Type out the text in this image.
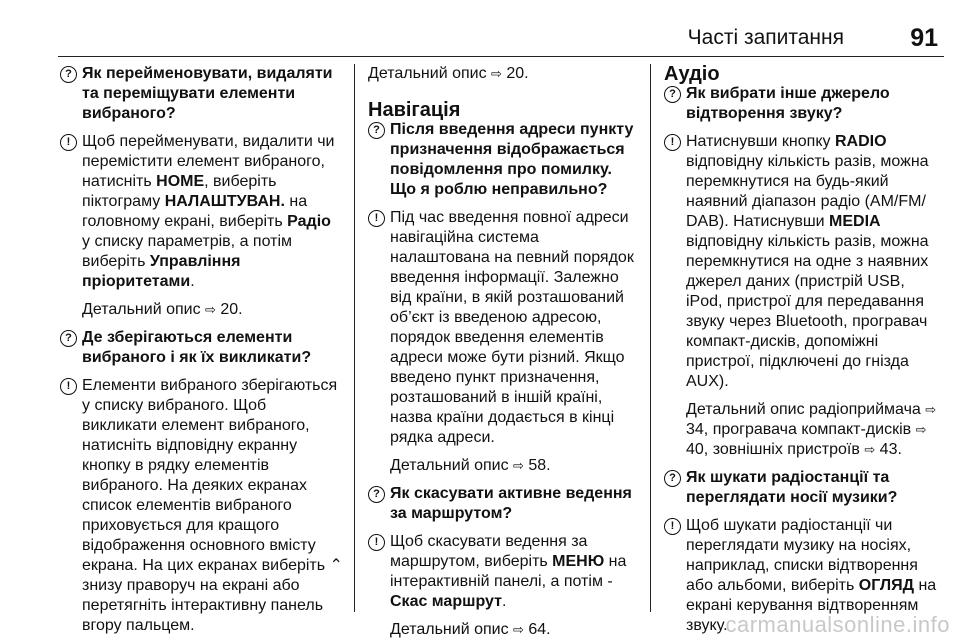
Часті запитання	91

? Як перейменовувати, видаляти та переміщувати елементи вибраного?

! Щоб перейменувати, видалити чи перемістити елемент вибраного, натисніть HOME, виберіть піктограму НАЛАШТУВАН. на головному екрані, виберіть Радіо у списку параметрів, а потім виберіть Управління пріоритетами.

Детальний опис ⇨ 20.

? Де зберігаються елементи вибраного і як їх викликати?

! Елементи вибраного зберігаються у списку вибраного. Щоб викликати елемент вибраного, натисніть відповідну екранну кнопку в рядку елементів вибраного. На деяких екранах список елементів вибраного приховується для кращого відображення основного вмісту екрана. На цих екранах виберіть ⌃ знизу праворуч на екрані або перетягніть інтерактивну панель вгору пальцем.

Детальний опис ⇨ 20.

Навігація

? Після введення адреси пункту призначення відображається повідомлення про помилку. Що я роблю неправильно?

! Під час введення повної адреси навігаційна система налаштована на певний порядок введення інформації. Залежно від країни, в якій розташований об’єкт із введеною адресою, порядок введення елементів адреси може бути різний. Якщо введено пункт призначення, розташований в іншій країні, назва країни додається в кінці рядка адреси.

Детальний опис ⇨ 58.

? Як скасувати активне ведення за маршрутом?

! Щоб скасувати ведення за маршрутом, виберіть МЕНЮ на інтерактивній панелі, а потім - Скас маршрут.

Детальний опис ⇨ 64.

Аудіо

? Як вибрати інше джерело відтворення звуку?

! Натиснувши кнопку RADIO відповідну кількість разів, можна перемкнутися на будь-який наявний діапазон радіо (AM/FM/ DAB). Натиснувши MEDIA відповідну кількість разів, можна перемкнутися на одне з наявних джерел даних (пристрій USB, iPod, пристрої для передавання звуку через Bluetooth, програвач компакт-дисків, допоміжні пристрої, підключені до гнізда AUX).

Детальний опис радіоприймача ⇨ 34, програвача компакт-дисків ⇨ 40, зовнішніх пристроїв ⇨ 43.

? Як шукати радіостанції та переглядати носії музики?

! Щоб шукати радіостанції чи переглядати музику на носіях, наприклад, списки відтворення або альбоми, виберіть ОГЛЯД на екрані керування відтворенням звуку.

carmanualsonline.info
